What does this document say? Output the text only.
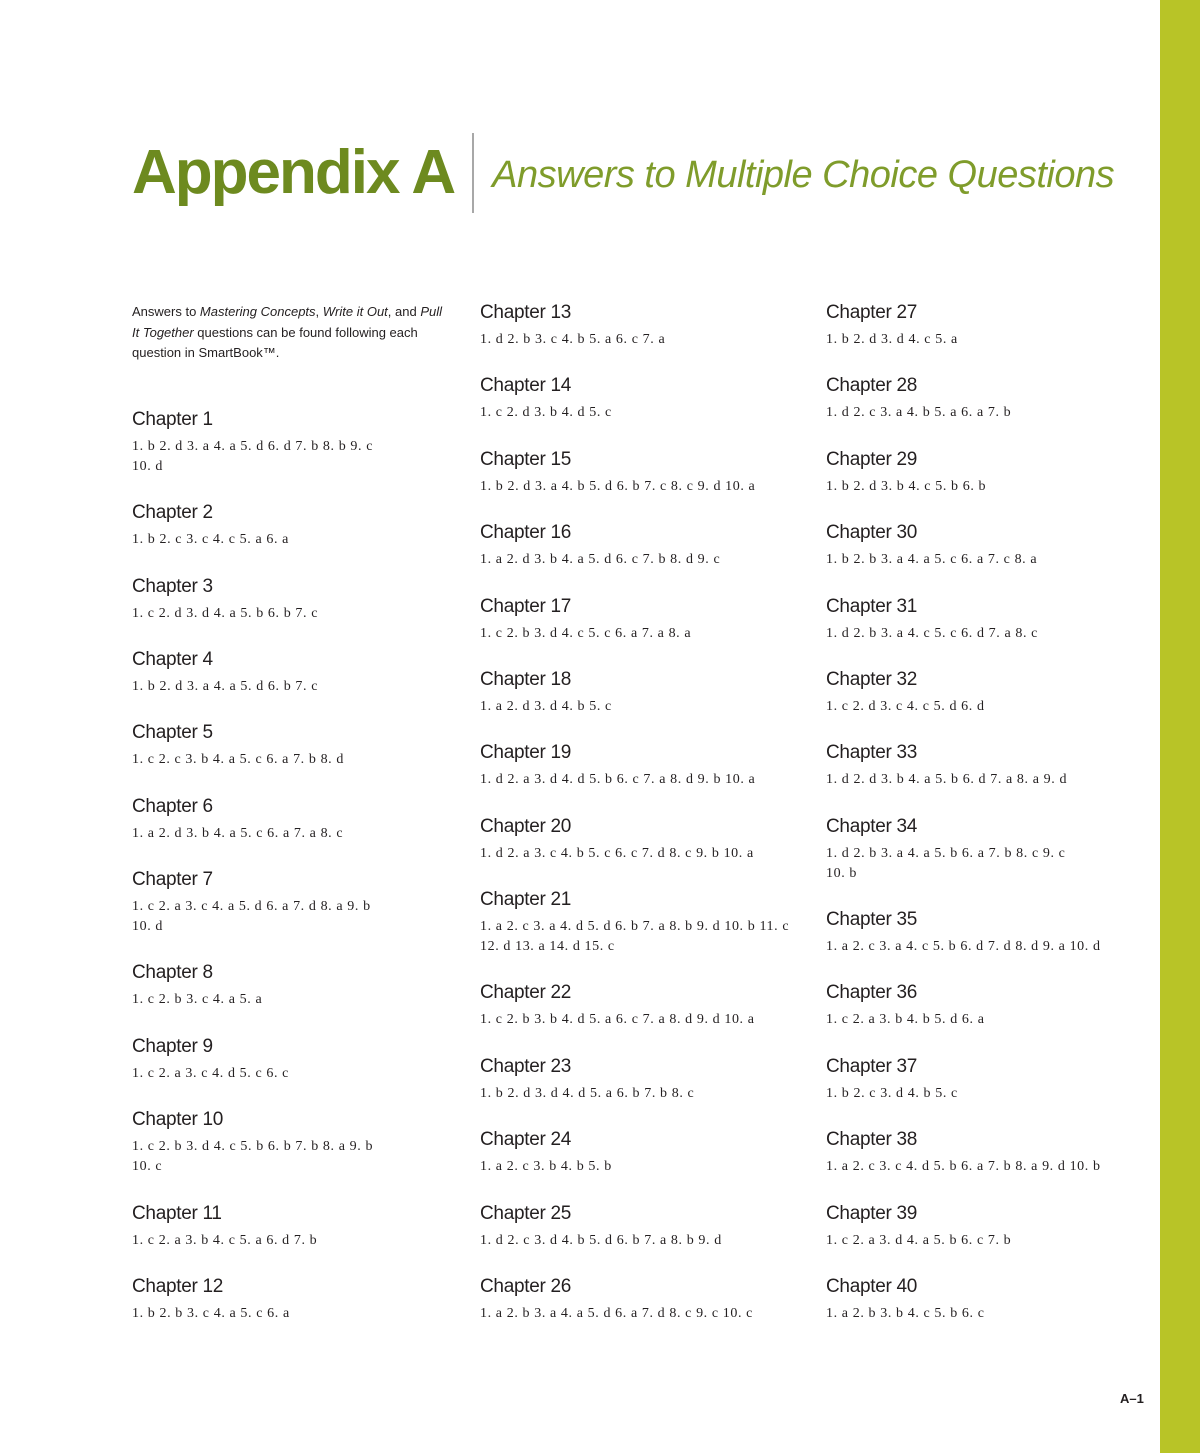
Appendix A Answers to Multiple Choice Questions

Answers to Mastering Concepts, Write it Out, and Pull It Together questions can be found following each question in SmartBook™.

Chapter 1
1. b 2. d 3. a 4. a 5. d 6. d 7. b 8. b 9. c 10. d
Chapter 2
1. b 2. c 3. c 4. c 5. a 6. a
Chapter 3
1. c 2. d 3. d 4. a 5. b 6. b 7. c
Chapter 4
1. b 2. d 3. a 4. a 5. d 6. b 7. c
Chapter 5
1. c 2. c 3. b 4. a 5. c 6. a 7. b 8. d
Chapter 6
1. a 2. d 3. b 4. a 5. c 6. a 7. a 8. c
Chapter 7
1. c 2. a 3. c 4. a 5. d 6. a 7. d 8. a 9. b 10. d
Chapter 8
1. c 2. b 3. c 4. a 5. a
Chapter 9
1. c 2. a 3. c 4. d 5. c 6. c
Chapter 10
1. c 2. b 3. d 4. c 5. b 6. b 7. b 8. a 9. b 10. c
Chapter 11
1. c 2. a 3. b 4. c 5. a 6. d 7. b
Chapter 12
1. b 2. b 3. c 4. a 5. c 6. a
Chapter 13
1. d 2. b 3. c 4. b 5. a 6. c 7. a
Chapter 14
1. c 2. d 3. b 4. d 5. c
Chapter 15
1. b 2. d 3. a 4. b 5. d 6. b 7. c 8. c 9. d 10. a
Chapter 16
1. a 2. d 3. b 4. a 5. d 6. c 7. b 8. d 9. c
Chapter 17
1. c 2. b 3. d 4. c 5. c 6. a 7. a 8. a
Chapter 18
1. a 2. d 3. d 4. b 5. c
Chapter 19
1. d 2. a 3. d 4. d 5. b 6. c 7. a 8. d 9. b 10. a
Chapter 20
1. d 2. a 3. c 4. b 5. c 6. c 7. d 8. c 9. b 10. a
Chapter 21
1. a 2. c 3. a 4. d 5. d 6. b 7. a 8. b 9. d 10. b 11. c 12. d 13. a 14. d 15. c
Chapter 22
1. c 2. b 3. b 4. d 5. a 6. c 7. a 8. d 9. d 10. a
Chapter 23
1. b 2. d 3. d 4. d 5. a 6. b 7. b 8. c
Chapter 24
1. a 2. c 3. b 4. b 5. b
Chapter 25
1. d 2. c 3. d 4. b 5. d 6. b 7. a 8. b 9. d
Chapter 26
1. a 2. b 3. a 4. a 5. d 6. a 7. d 8. c 9. c 10. c
Chapter 27
1. b 2. d 3. d 4. c 5. a
Chapter 28
1. d 2. c 3. a 4. b 5. a 6. a 7. b
Chapter 29
1. b 2. d 3. b 4. c 5. b 6. b
Chapter 30
1. b 2. b 3. a 4. a 5. c 6. a 7. c 8. a
Chapter 31
1. d 2. b 3. a 4. c 5. c 6. d 7. a 8. c
Chapter 32
1. c 2. d 3. c 4. c 5. d 6. d
Chapter 33
1. d 2. d 3. b 4. a 5. b 6. d 7. a 8. a 9. d
Chapter 34
1. d 2. b 3. a 4. a 5. b 6. a 7. b 8. c 9. c 10. b
Chapter 35
1. a 2. c 3. a 4. c 5. b 6. d 7. d 8. d 9. a 10. d
Chapter 36
1. c 2. a 3. b 4. b 5. d 6. a
Chapter 37
1. b 2. c 3. d 4. b 5. c
Chapter 38
1. a 2. c 3. c 4. d 5. b 6. a 7. b 8. a 9. d 10. b
Chapter 39
1. c 2. a 3. d 4. a 5. b 6. c 7. b
Chapter 40
1. a 2. b 3. b 4. c 5. b 6. c
A–1
